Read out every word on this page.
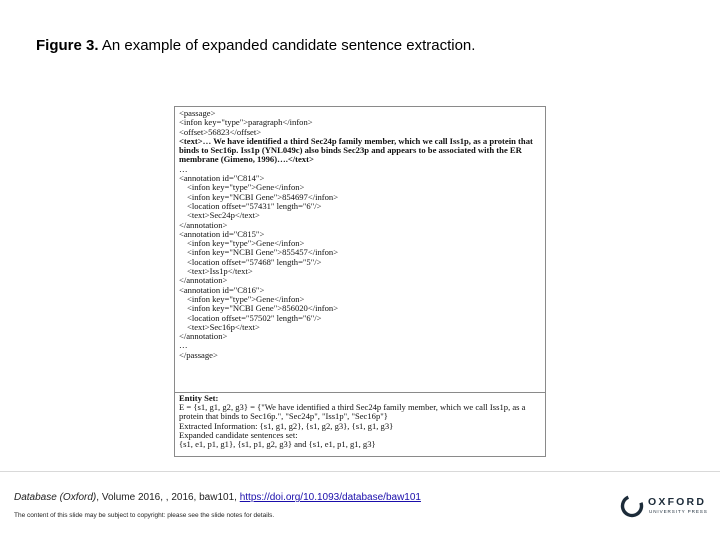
Figure 3. An example of expanded candidate sentence extraction.
<passage>
<infon key="type">paragraph</infon>
<offset>56823</offset>
<text>… We have identified a third Sec24p family member, which we call Iss1p, as a protein that binds to Sec16p. Iss1p (YNL049c) also binds Sec23p and appears to be associated with the ER membrane (Gimeno, 1996)….</text>
…
<annotation id="C814">
<infon key="type">Gene</infon>
<infon key="NCBI Gene">854697</infon>
<location offset="57431" length="6"/>
<text>Sec24p</text>
</annotation>
<annotation id="C815">
<infon key="type">Gene</infon>
<infon key="NCBI Gene">855457</infon>
<location offset="57468" length="5"/>
<text>Iss1p</text>
</annotation>
<annotation id="C816">
<infon key="type">Gene</infon>
<infon key="NCBI Gene">856020</infon>
<location offset="57502" length="6"/>
<text>Sec16p</text>
</annotation>
…
</passage>
Entity Set:
E = {s1, g1, g2, g3} = {"We have identified a third Sec24p family member, which we call Iss1p, as a protein that binds to Sec16p.", "Sec24p", "Iss1p", "Sec16p"}
Extracted Information: {s1, g1, g2}, {s1, g2, g3}, {s1, g1, g3}
Expanded candidate sentences set:
{s1, e1, p1, g1}, {s1, p1, g2, g3} and {s1, e1, p1, g1, g3}
Database (Oxford), Volume 2016, , 2016, baw101, https://doi.org/10.1093/database/baw101
The content of this slide may be subject to copyright: please see the slide notes for details.
OXFORD
UNIVERSITY PRESS
